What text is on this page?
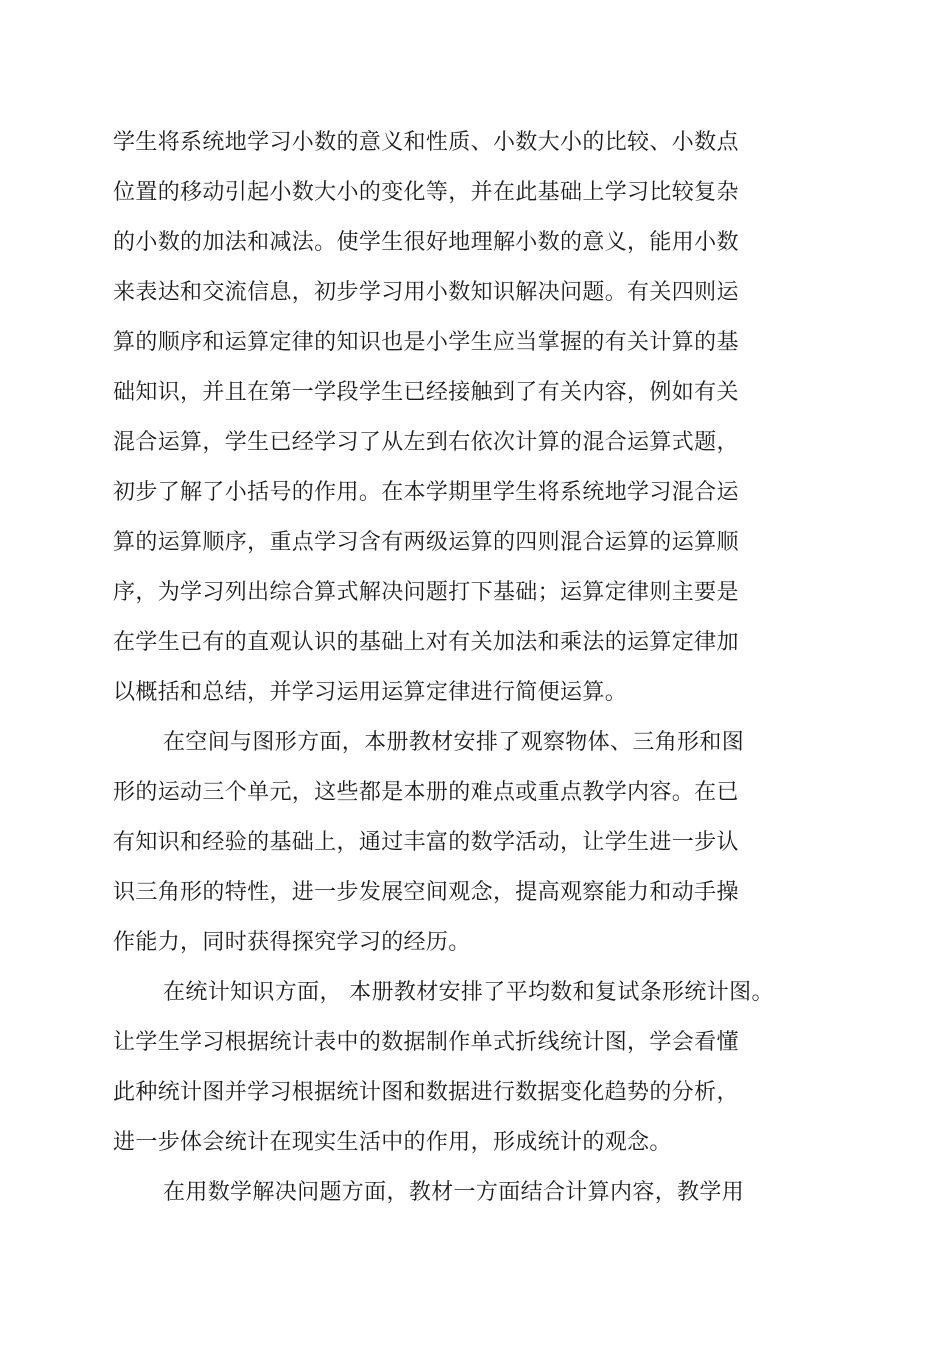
学生将系统地学习小数的意义和性质、小数大小的比较、小数点
位置的移动引起小数大小的变化等，并在此基础上学习比较复杂
的小数的加法和减法。使学生很好地理解小数的意义，能用小数
来表达和交流信息，初步学习用小数知识解决问题。有关四则运
算的顺序和运算定律的知识也是小学生应当掌握的有关计算的基
础知识，并且在第一学段学生已经接触到了有关内容，例如有关
混合运算，学生已经学习了从左到右依次计算的混合运算式题，
初步了解了小括号的作用。在本学期里学生将系统地学习混合运
算的运算顺序，重点学习含有两级运算的四则混合运算的运算顺
序，为学习列出综合算式解决问题打下基础；运算定律则主要是
在学生已有的直观认识的基础上对有关加法和乘法的运算定律加
以概括和总结，并学习运用运算定律进行简便运算。
在空间与图形方面，本册教材安排了观察物体、三角形和图
形的运动三个单元，这些都是本册的难点或重点教学内容。在已
有知识和经验的基础上，通过丰富的数学活动，让学生进一步认
识三角形的特性，进一步发展空间观念，提高观察能力和动手操
作能力，同时获得探究学习的经历。
在统计知识方面， 本册教材安排了平均数和复试条形统计图。
让学生学习根据统计表中的数据制作单式折线统计图，学会看懂
此种统计图并学习根据统计图和数据进行数据变化趋势的分析，
进一步体会统计在现实生活中的作用，形成统计的观念。
在用数学解决问题方面，教材一方面结合计算内容，教学用
